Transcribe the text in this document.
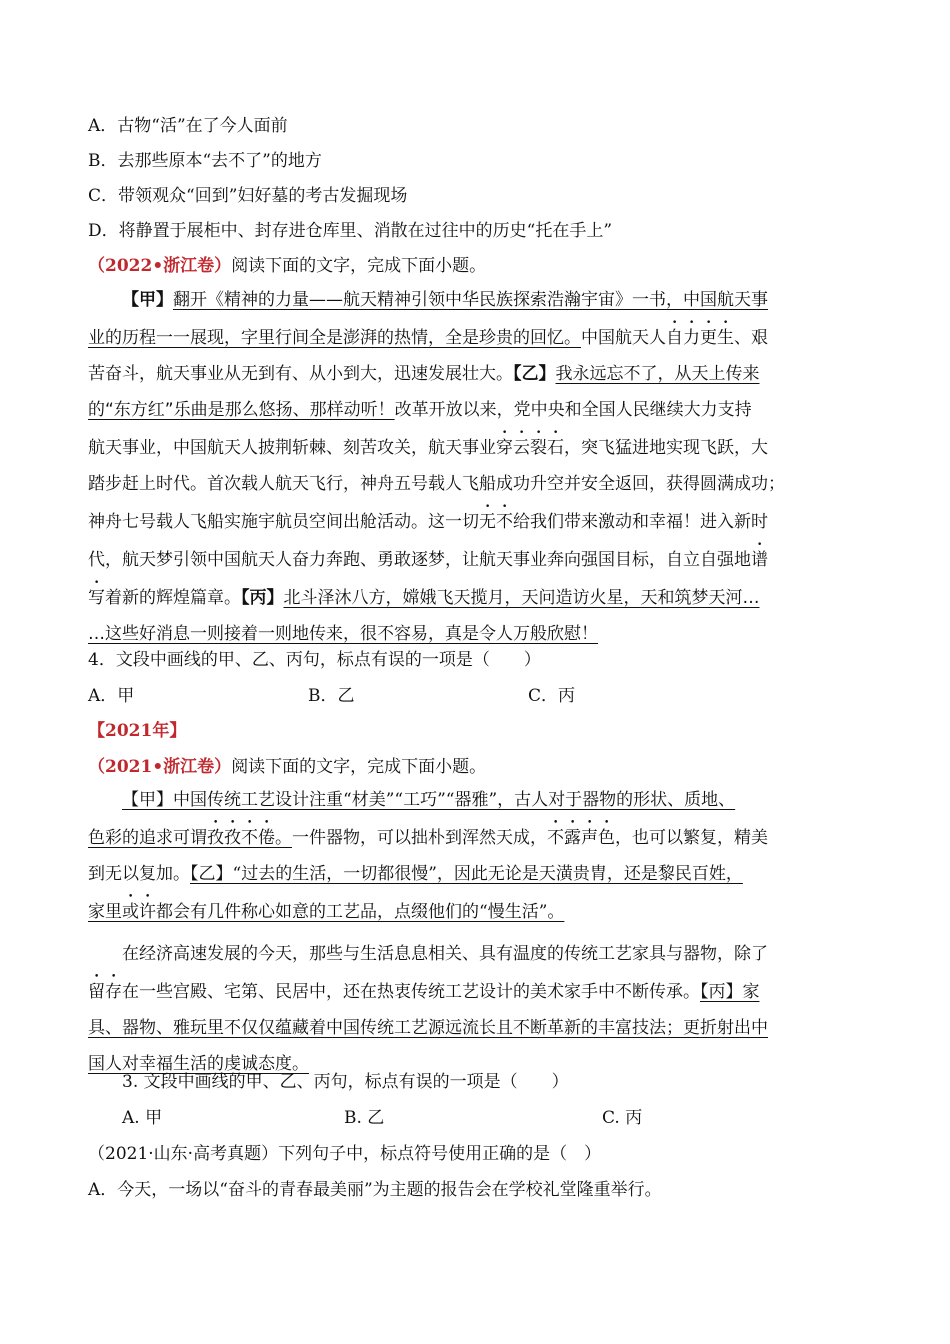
A．古物“活”在了今人面前
B．去那些原本“去不了”的地方
C．带领观众“回到”妇好墓的考古发掘现场
D．将静置于展柜中、封存进仓库里、消散在过往中的历史“托在手上”
（2022•浙江卷）阅读下面的文字，完成下面小题。
【甲】翻开《精神的力量——航天精神引领中华民族探索浩瀚宇宙》一书，中国航天事
业的历程一一展现，字里行间全是澎湃的热情，全是珍贵的回忆。中国航天人自力更生、艰
苦奋斗，航天事业从无到有、从小到大，迅速发展壮大。【乙】我永远忘不了，从天上传来
的“东方红”乐曲是那么悠扬、那样动听！改革开放以来，党中央和全国人民继续大力支持
航天事业，中国航天人披荆斩棘、刻苦攻关，航天事业穿云裂石，突飞猛进地实现飞跃，大
踏步赶上时代。首次载人航天飞行，神舟五号载人飞船成功升空并安全返回，获得圆满成功；
神舟七号载人飞船实施宇航员空间出舱活动。这一切无不给我们带来激动和幸福！进入新时
代，航天梦引领中国航天人奋力奔跑、勇敢逐梦，让航天事业奔向强国目标，自立自强地谱
写着新的辉煌篇章。【丙】北斗泽沐八方，嫦娥飞天揽月，天问造访火星，天和筑梦天河…
…这些好消息一则接着一则地传来，很不容易，真是令人万般欣慰！
4．文段中画线的甲、乙、丙句，标点有误的一项是（　　）
A．甲	B．乙	C．丙
【2021年】
（2021•浙江卷）阅读下面的文字，完成下面小题。
【甲】中国传统工艺设计注重“材美”“工巧”“器雅”，古人对于器物的形状、质地、
色彩的追求可谓孜孜不倦。一件器物，可以拙朴到浑然天成，不露声色，也可以繁复，精美
到无以复加。【乙】“过去的生活，一切都很慢”，因此无论是天潢贵胄，还是黎民百姓，
家里或许都会有几件称心如意的工艺品，点缀他们的“慢生活”。
在经济高速发展的今天，那些与生活息息相关、具有温度的传统工艺家具与器物，除了
留存在一些宫殿、宅第、民居中，还在热衷传统工艺设计的美术家手中不断传承。【丙】家
具、器物、雅玩里不仅仅蕴藏着中国传统工艺源远流长且不断革新的丰富技法；更折射出中
国人对幸福生活的虔诚态度。
3. 文段中画线的甲、乙、丙句，标点有误的一项是（　　）
A. 甲	B. 乙	C. 丙
（2021·山东·高考真题）下列句子中，标点符号使用正确的是（　）
A．今天，一场以“奋斗的青春最美丽”为主题的报告会在学校礼堂隆重举行。
